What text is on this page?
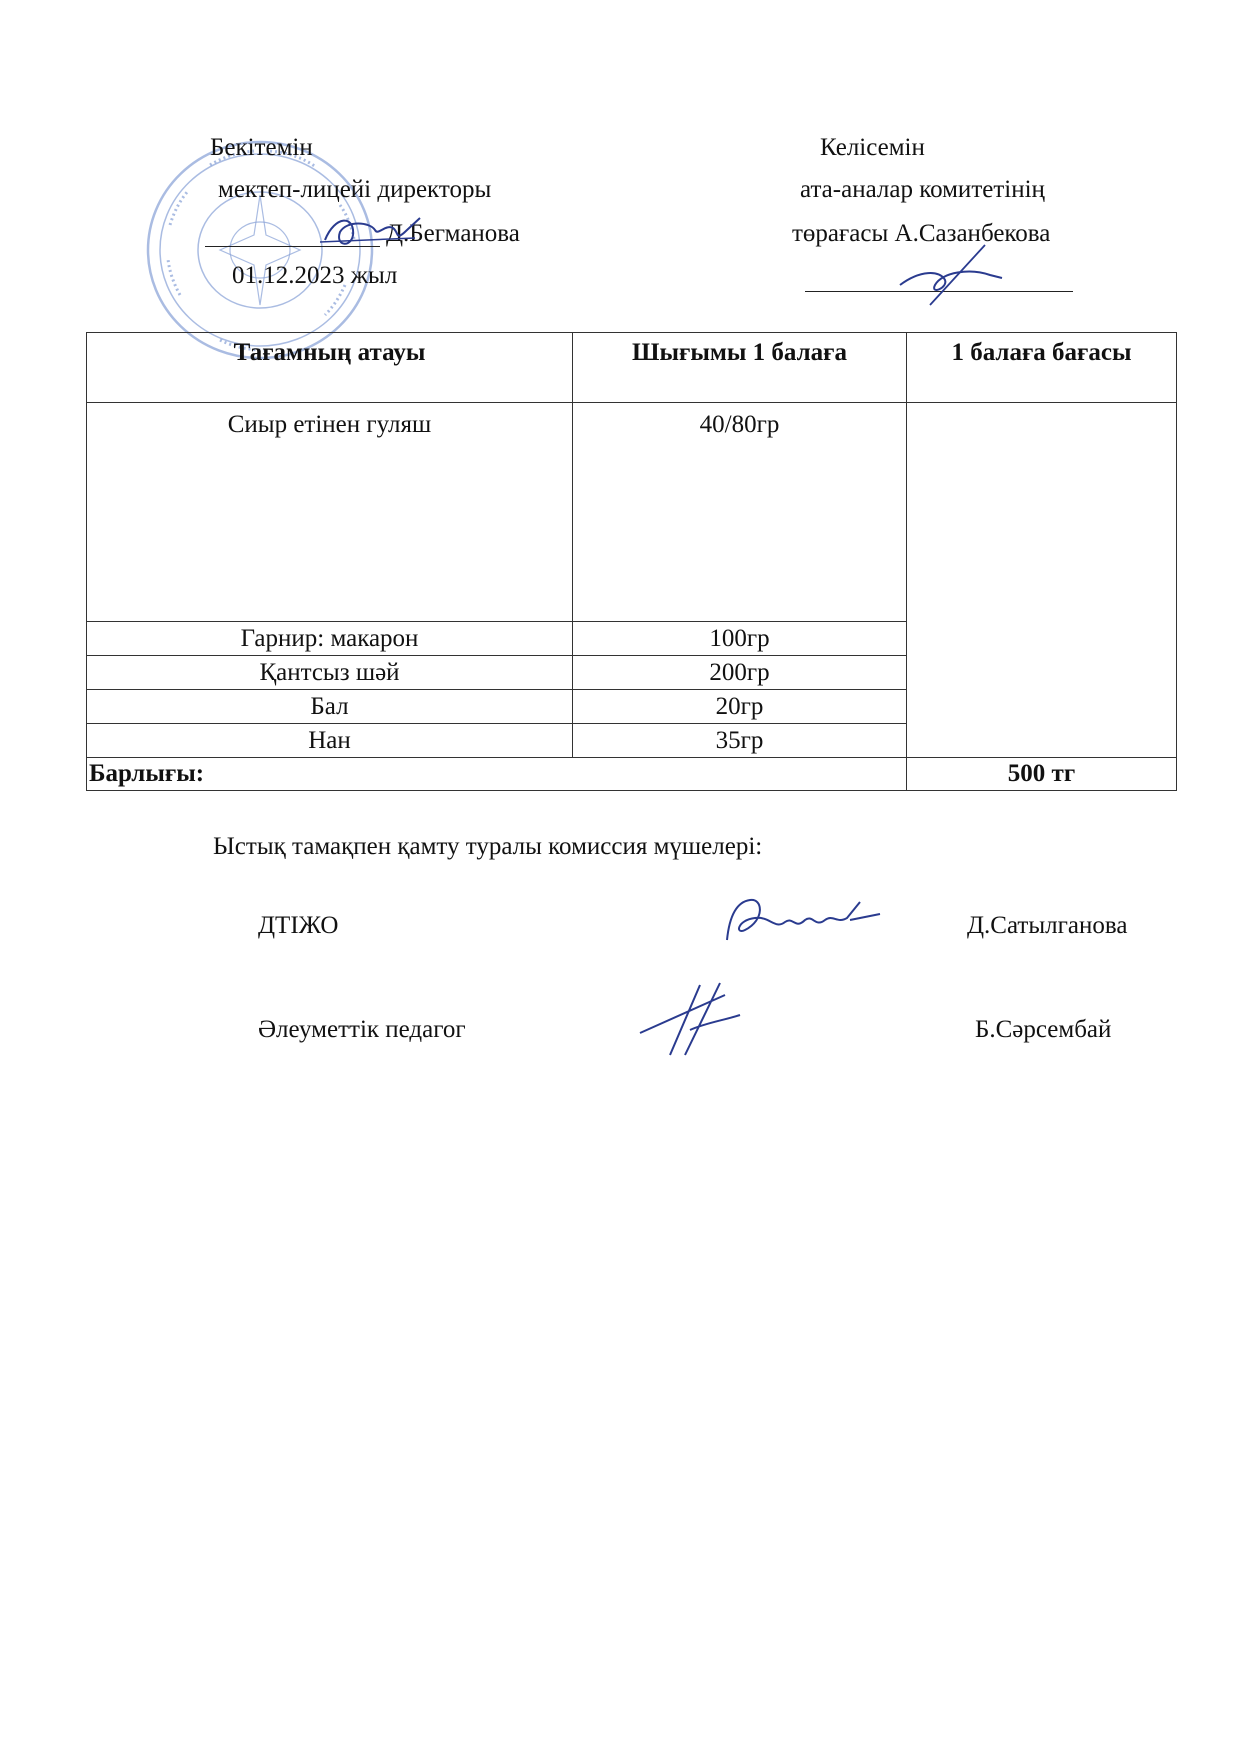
Бекітемін
мектеп-лицейі директоры
Д.Бегманова
01.12.2023 жыл
Келісемін
ата-аналар комитетінің
төрағасы А.Сазанбекова
Тағамның атауы	Шығымы 1 балаға	1 балаға бағасы
Сиыр етінен гуляш	40/80гр	
Гарнир: макарон	100гр	
Қантсыз шәй	200гр	
Бал	20гр	
Нан	35гр	
Барлығы:		500 тг
Ыстық тамақпен қамту туралы комиссия мүшелері:
ДТІЖО	Д.Сатылганова
Әлеуметтік педагог	Б.Сәрсембай
